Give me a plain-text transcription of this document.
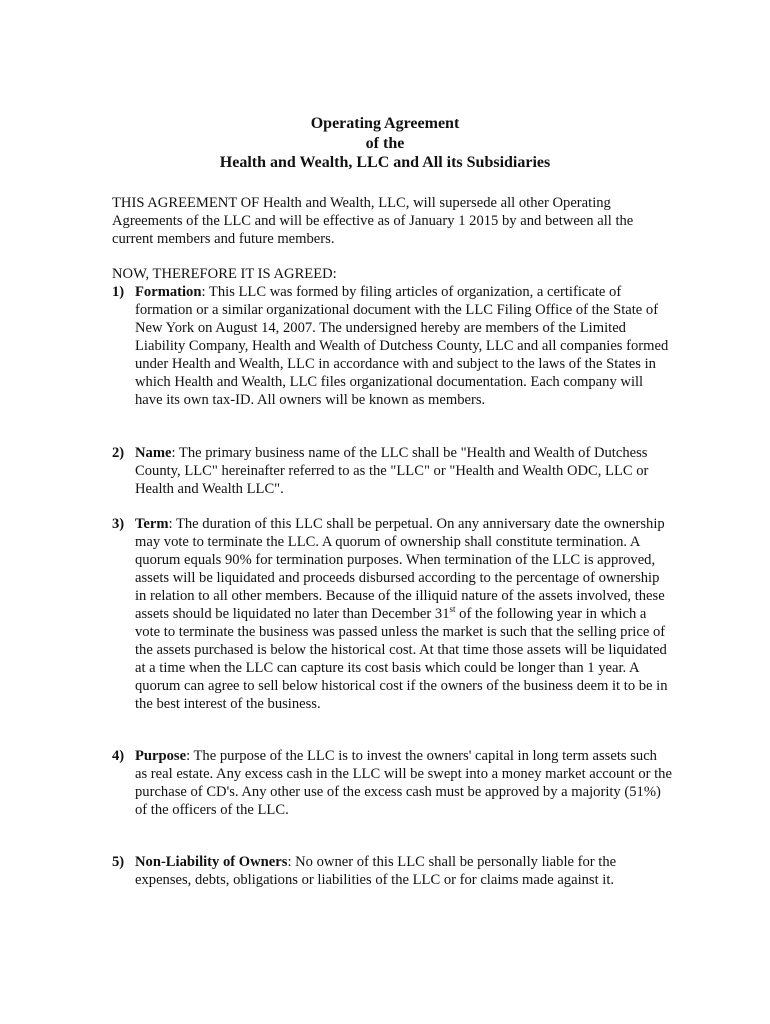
Operating Agreement
of the
Health and Wealth, LLC and All its Subsidiaries

THIS AGREEMENT OF Health and Wealth, LLC, will supersede all other Operating Agreements of the LLC and will be effective as of January 1 2015 by and between all the current members and future members.

NOW, THEREFORE IT IS AGREED:

1) Formation: This LLC was formed by filing articles of organization, a certificate of formation or a similar organizational document with the LLC Filing Office of the State of New York on August 14, 2007. The undersigned hereby are members of the Limited Liability Company, Health and Wealth of Dutchess County, LLC and all companies formed under Health and Wealth, LLC in accordance with and subject to the laws of the States in which Health and Wealth, LLC files organizational documentation. Each company will have its own tax-ID. All owners will be known as members.

2) Name: The primary business name of the LLC shall be "Health and Wealth of Dutchess County, LLC" hereinafter referred to as the "LLC" or "Health and Wealth ODC, LLC or Health and Wealth LLC".

3) Term: The duration of this LLC shall be perpetual. On any anniversary date the ownership may vote to terminate the LLC. A quorum of ownership shall constitute termination. A quorum equals 90% for termination purposes. When termination of the LLC is approved, assets will be liquidated and proceeds disbursed according to the percentage of ownership in relation to all other members. Because of the illiquid nature of the assets involved, these assets should be liquidated no later than December 31st of the following year in which a vote to terminate the business was passed unless the market is such that the selling price of the assets purchased is below the historical cost. At that time those assets will be liquidated at a time when the LLC can capture its cost basis which could be longer than 1 year. A quorum can agree to sell below historical cost if the owners of the business deem it to be in the best interest of the business.

4) Purpose: The purpose of the LLC is to invest the owners' capital in long term assets such as real estate. Any excess cash in the LLC will be swept into a money market account or the purchase of CD's. Any other use of the excess cash must be approved by a majority (51%) of the officers of the LLC.

5) Non-Liability of Owners: No owner of this LLC shall be personally liable for the expenses, debts, obligations or liabilities of the LLC or for claims made against it.
